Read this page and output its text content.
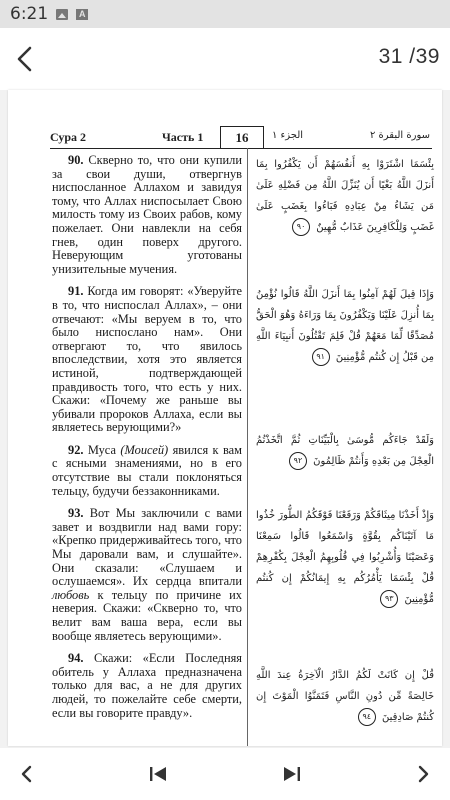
6:21	A
31 /39
Сура 2	Часть 1	16	الجزء ١	سورة البقرة ٢

90. Скверно то, что они купили за свои души, отвергнув ниспосланное Аллахом и завидуя тому, что Аллах ниспосылает Свою милость тому из Своих рабов, кому пожелает. Они навлекли на себя гнев, один поверх другого. Неверующим уготованы унизительные мучения.

91. Когда им говорят: «Уверуйте в то, что ниспослал Аллах», – они отвечают: «Мы веруем в то, что было ниспослано нам». Они отвергают то, что явилось впоследствии, хотя это является истиной, подтверждающей правдивость того, что есть у них. Скажи: «Почему же раньше вы убивали пророков Аллаха, если вы являетесь верующими?»

92. Муса (Моисей) явился к вам с ясными знамениями, но в его отсутствие вы стали поклоняться тельцу, будучи беззаконниками.

93. Вот Мы заключили с вами завет и воздвигли над вами гору: «Крепко придерживайтесь того, что Мы даровали вам, и слушайте». Они сказали: «Слушаем и ослушаемся». Их сердца впитали любовь к тельцу по причине их неверия. Скажи: «Скверно то, что велит вам ваша вера, если вы вообще являетесь верующими».

94. Скажи: «Если Последняя обитель у Аллаха предназначена только для вас, а не для других людей, то пожелайте себе смерти, если вы говорите правду».

بِئْسَمَا اشْتَرَوْا بِهِ أَنفُسَهُمْ أَن يَكْفُرُوا بِمَا أَنزَلَ اللَّهُ بَغْيًا أَن يُنَزِّلَ اللَّهُ مِن فَضْلِهِ عَلَىٰ مَن يَشَاءُ مِنْ عِبَادِهِ فَبَاءُوا بِغَضَبٍ عَلَىٰ غَضَبٍ وَلِلْكَافِرِينَ عَذَابٌ مُّهِينٌ ٩٠

وَإِذَا قِيلَ لَهُمْ آمِنُوا بِمَا أَنزَلَ اللَّهُ قَالُوا نُؤْمِنُ بِمَا أُنزِلَ عَلَيْنَا وَيَكْفُرُونَ بِمَا وَرَاءَهُ وَهُوَ الْحَقُّ مُصَدِّقًا لِّمَا مَعَهُمْ قُلْ فَلِمَ تَقْتُلُونَ أَنبِيَاءَ اللَّهِ مِن قَبْلُ إِن كُنتُم مُّؤْمِنِينَ ٩١

وَلَقَدْ جَاءَكُم مُّوسَىٰ بِالْبَيِّنَاتِ ثُمَّ اتَّخَذْتُمُ الْعِجْلَ مِن بَعْدِهِ وَأَنتُمْ ظَالِمُونَ ٩٢

وَإِذْ أَخَذْنَا مِيثَاقَكُمْ وَرَفَعْنَا فَوْقَكُمُ الطُّورَ خُذُوا مَا آتَيْنَاكُم بِقُوَّةٍ وَاسْمَعُوا قَالُوا سَمِعْنَا وَعَصَيْنَا وَأُشْرِبُوا فِي قُلُوبِهِمُ الْعِجْلَ بِكُفْرِهِمْ قُلْ بِئْسَمَا يَأْمُرُكُم بِهِ إِيمَانُكُمْ إِن كُنتُم مُّؤْمِنِينَ ٩٣

قُلْ إِن كَانَتْ لَكُمُ الدَّارُ الْآخِرَةُ عِندَ اللَّهِ خَالِصَةً مِّن دُونِ النَّاسِ فَتَمَنَّوُا الْمَوْتَ إِن كُنتُمْ صَادِقِينَ ٩٤
